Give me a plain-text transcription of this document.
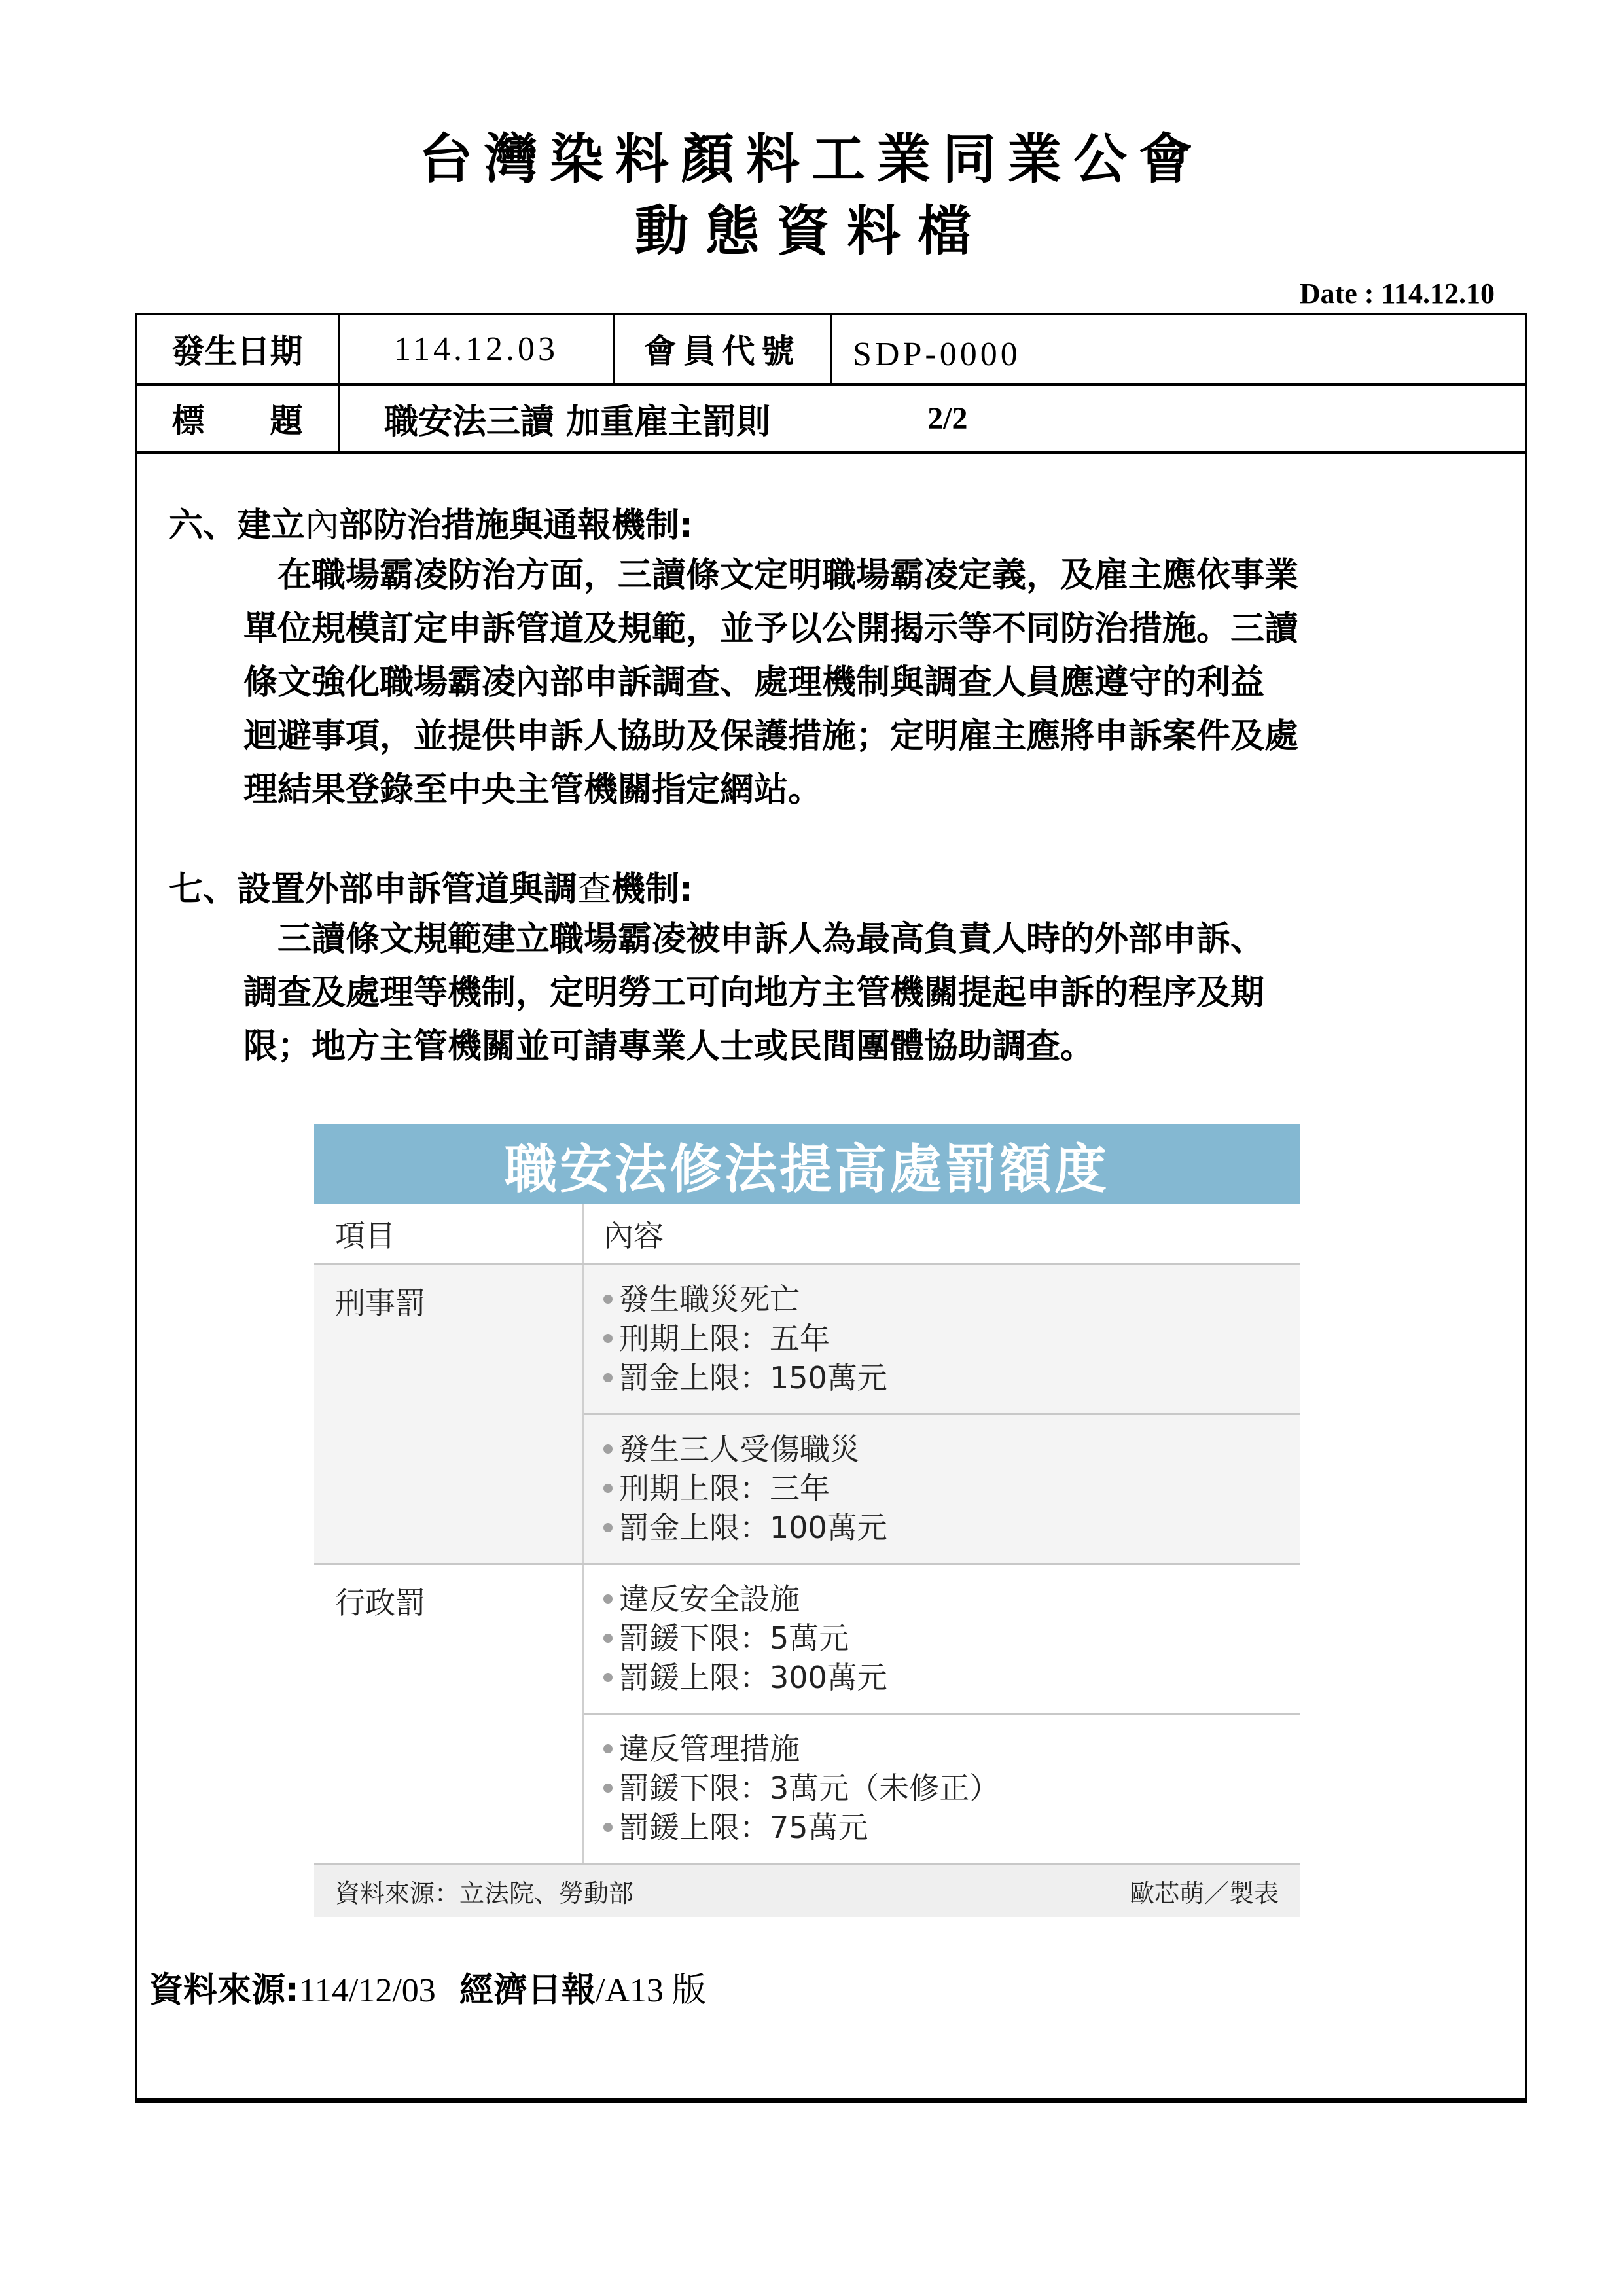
台灣染料顏料工業同業公會
動態資料檔
Date : 114.12.10
發生日期	114.12.03	會員代號 SDP-0000
標　　題 職安法三讀 加重雇主罰則	2/2
六、建立內部防治措施與通報機制:
　在職場霸凌防治方面，三讀條文定明職場霸凌定義，及雇主應依事業
單位規模訂定申訴管道及規範，並予以公開揭示等不同防治措施。三讀
條文強化職場霸凌內部申訴調查、處理機制與調查人員應遵守的利益
迴避事項，並提供申訴人協助及保護措施；定明雇主應將申訴案件及處
理結果登錄至中央主管機關指定網站。
七、設置外部申訴管道與調查機制:
　三讀條文規範建立職場霸凌被申訴人為最高負責人時的外部申訴、
調查及處理等機制，定明勞工可向地方主管機關提起申訴的程序及期
限；地方主管機關並可請專業人士或民間團體協助調查。
職安法修法提高處罰額度
項目	內容
刑事罰	發生職災死亡
刑期上限：五年
罰金上限：150萬元
發生三人受傷職災
刑期上限：三年
罰金上限：100萬元
行政罰	違反安全設施
罰鍰下限：5萬元
罰鍰上限：300萬元
違反管理措施
罰鍰下限：3萬元（未修正）
罰鍰上限：75萬元
資料來源：立法院、勞動部	歐芯萌／製表
資料來源:114/12/03 經濟日報/A13 版
